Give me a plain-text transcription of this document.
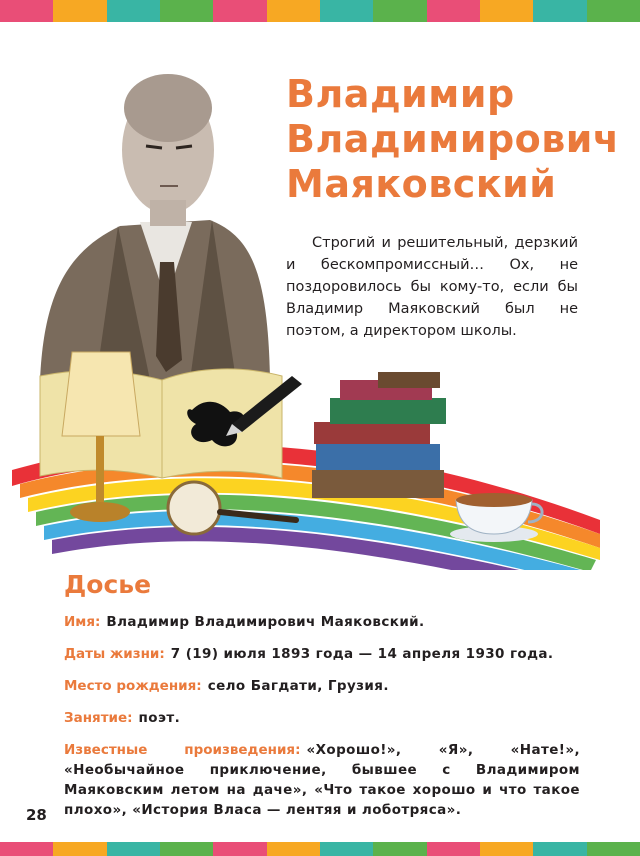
Владимир
Владимирович
Маяковский
Строгий и решительный, дерзкий и бескомпромиссный… Ох, не поздоровилось бы кому-то, если бы Владимир Маяковский был не поэтом, а директором школы.
Досье
Имя: Владимир Владимирович Маяковский.
Даты жизни: 7 (19) июля 1893 года — 14 апреля 1930 года.
Место рождения: село Багдати, Грузия.
Занятие: поэт.
Известные произведения: «Хорошо!», «Я», «Нате!», «Необычайное приключение, бывшее с Владимиром Маяковским летом на даче», «Что такое хорошо и что такое плохо», «История Власа — лентяя и лоботряса».
28
